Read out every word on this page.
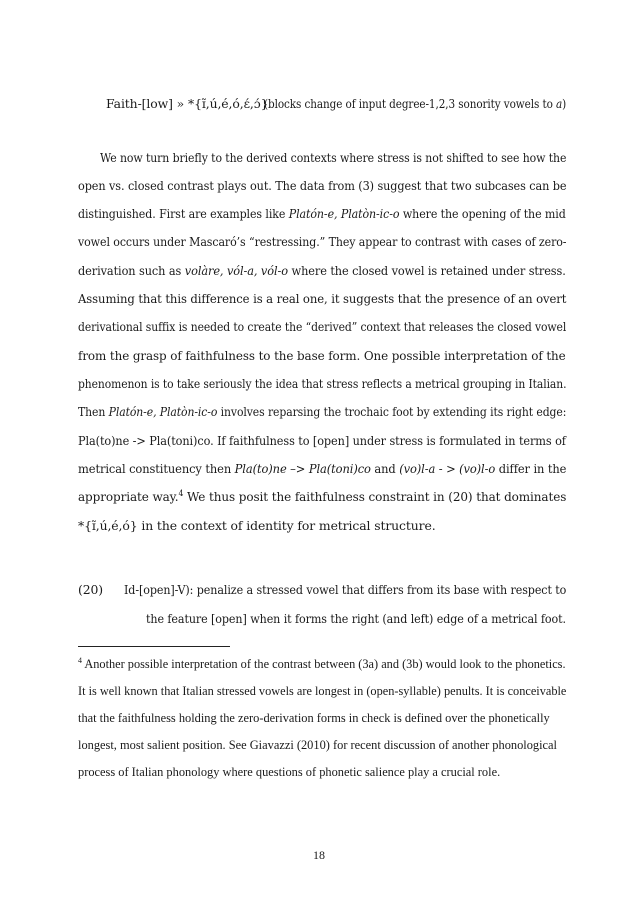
Faith-[low] » *{ɪ̃,ú,é,ó,ɛ́,ɔ́}
(blocks change of input degree-1,2,3 sonority vowels to a)
We now turn briefly to the derived contexts where stress is not shifted to see how the
open vs. closed contrast plays out. The data from (3) suggest that two subcases can be
distinguished. First are examples like Platón-e, Platòn-ic-o where the opening of the mid
vowel occurs under Mascaró’s “restressing.” They appear to contrast with cases of zero-
derivation such as volàre, vól-a, vól-o where the closed vowel is retained under stress.
Assuming that this difference is a real one, it suggests that the presence of an overt
derivational suffix is needed to create the “derived” context that releases the closed vowel
from the grasp of faithfulness to the base form. One possible interpretation of the
phenomenon is to take seriously the idea that stress reflects a metrical grouping in Italian.
Then Platón-e, Platòn-ic-o involves reparsing the trochaic foot by extending its right edge:
Pla(to)ne -> Pla(toni)co. If faithfulness to [open] under stress is formulated in terms of
metrical constituency then Pla(to)ne –> Pla(toni)co and (vo)l-a - > (vo)l-o differ in the
appropriate way.$^4$ We thus posit the faithfulness constraint in (20) that dominates
*{ɪ̃,ú,é,ó} in the context of identity for metrical structure.
(20) Id-[open]-V): penalize a stressed vowel that differs from its base with respect to
the feature [open] when it forms the right (and left) edge of a metrical foot.
$^4$ Another possible interpretation of the contrast between (3a) and (3b) would look to the phonetics.
It is well known that Italian stressed vowels are longest in (open-syllable) penults. It is conceivable
that the faithfulness holding the zero-derivation forms in check is defined over the phonetically
longest, most salient position. See Giavazzi (2010) for recent discussion of another phonological
process of Italian phonology where questions of phonetic salience play a crucial role.
18
